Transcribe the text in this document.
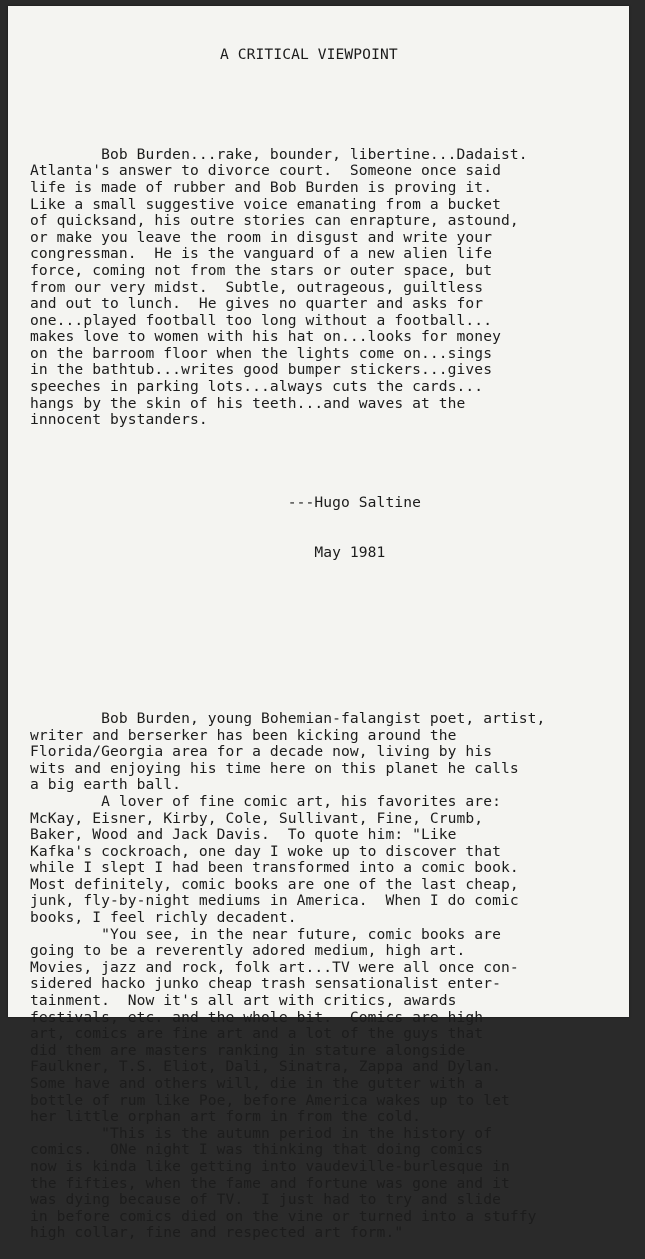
A CRITICAL VIEWPOINT

Bob Burden...rake, bounder, libertine...Dadaist.
Atlanta's answer to divorce court.  Someone once said
life is made of rubber and Bob Burden is proving it.
Like a small suggestive voice emanating from a bucket
of quicksand, his outre stories can enrapture, astound,
or make you leave the room in disgust and write your
congressman.  He is the vanguard of a new alien life
force, coming not from the stars or outer space, but
from our very midst.  Subtle, outrageous, guiltless
and out to lunch.  He gives no quarter and asks for
one...played football too long without a football...
makes love to women with his hat on...looks for money
on the barroom floor when the lights come on...sings
in the bathtub...writes good bumper stickers...gives
speeches in parking lots...always cuts the cards...
hangs by the skin of his teeth...and waves at the
innocent bystanders.

---Hugo Saltine

May 1981

Bob Burden, young Bohemian-falangist poet, artist,
writer and berserker has been kicking around the
Florida/Georgia area for a decade now, living by his
wits and enjoying his time here on this planet he calls
a big earth ball.
A lover of fine comic art, his favorites are:
McKay, Eisner, Kirby, Cole, Sullivant, Fine, Crumb,
Baker, Wood and Jack Davis.  To quote him: "Like
Kafka's cockroach, one day I woke up to discover that
while I slept I had been transformed into a comic book.
Most definitely, comic books are one of the last cheap,
junk, fly-by-night mediums in America.  When I do comic
books, I feel richly decadent.
"You see, in the near future, comic books are
going to be a reverently adored medium, high art.
Movies, jazz and rock, folk art...TV were all once con-
sidered hacko junko cheap trash sensationalist enter-
tainment.  Now it's all art with critics, awards
festivals, etc. and the whole bit.  Comics are high
art, comics are fine art and a lot of the guys that
did them are masters ranking in stature alongside
Faulkner, T.S. Eliot, Dali, Sinatra, Zappa and Dylan.
Some have and others will, die in the gutter with a
bottle of rum like Poe, before America wakes up to let
her little orphan art form in from the cold.
"This is the autumn period in the history of
comics.  ONe night I was thinking that doing comics
now is kinda like getting into vaudeville-burlesque in
the fifties, when the fame and fortune was gone and it
was dying because of TV.  I just had to try and slide
in before comics died on the vine or turned into a stuffy
high collar, fine and respected art form."
